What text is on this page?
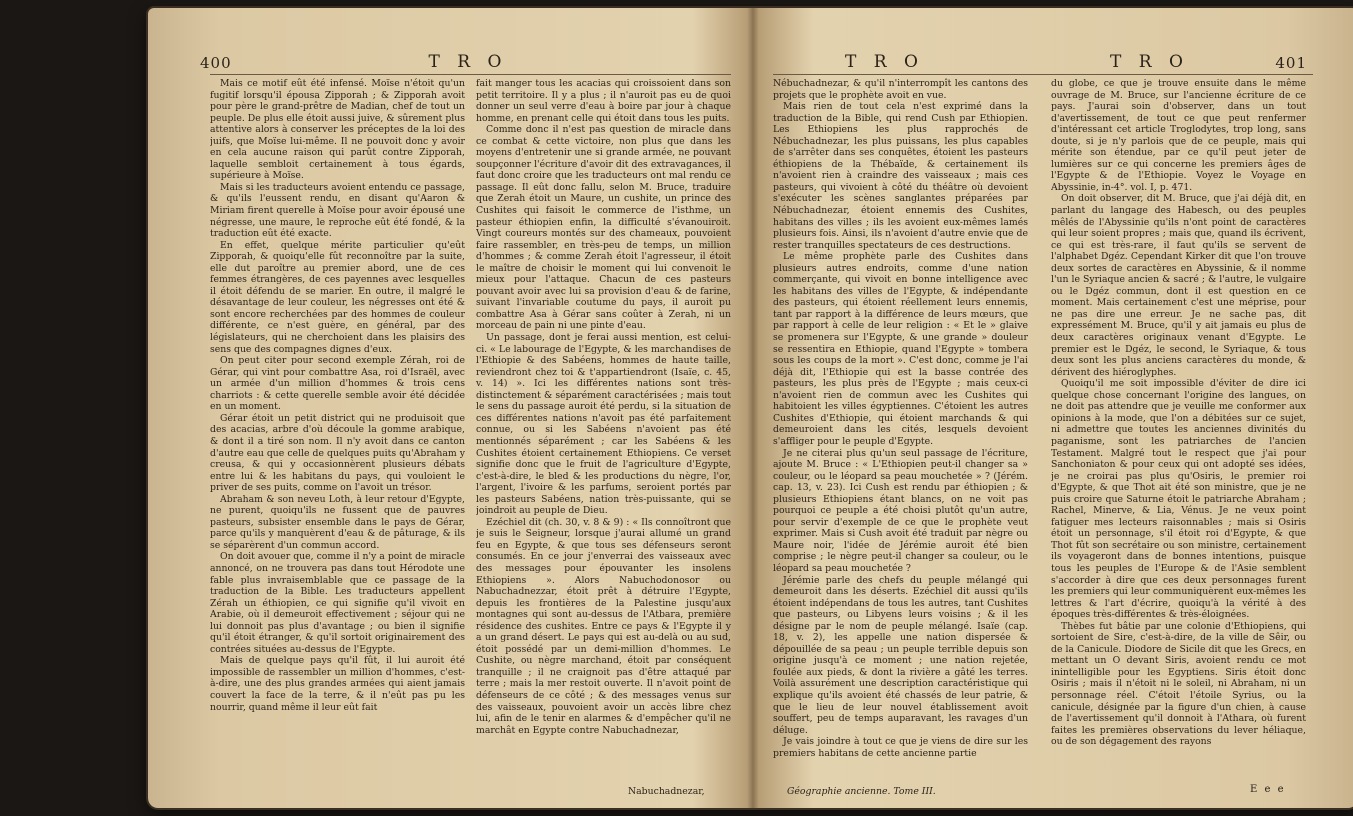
400	T R O

Mais ce motif eût été infensé. Moïse n'étoit qu'un fugitif lorsqu'il épousa Zipporah ; & Zipporah avoit pour père le grand-prêtre de Madian, chef de tout un peuple. De plus elle étoit aussi juive, & sûrement plus attentive alors à conserver les préceptes de la loi des juifs, que Moïse lui-même. Il ne pouvoit donc y avoir en cela aucune raison qui parût contre Zipporah, laquelle sembloit certainement à tous égards, supérieure à Moïse.

Mais si les traducteurs avoient entendu ce passage, & qu'ils l'eussent rendu, en disant qu'Aaron & Miriam firent querelle à Moïse pour avoir épousé une négresse, une maure, le reproche eût été fondé, & la traduction eût été exacte.

En effet, quelque mérite particulier qu'eût Zipporah, & quoiqu'elle fût reconnoître par la suite, elle dut paroître au premier abord, une de ces femmes étrangères, de ces payennes avec lesquelles il étoit défendu de se marier. En outre, il malgré le désavantage de leur couleur, les négresses ont été & sont encore recherchées par des hommes de couleur différente, ce n'est guère, en général, par des législateurs, qui ne cherchoient dans les plaisirs des sens que des compagnes dignes d'eux.

On peut citer pour second exemple Zérah, roi de Gérar, qui vint pour combattre Asa, roi d'Israël, avec un armée d'un million d'hommes & trois cens charriots : & cette querelle semble avoir été décidée en un moment.

Gérar étoit un petit district qui ne produisoit que des acacias, arbre d'où découle la gomme arabique, & dont il a tiré son nom. Il n'y avoit dans ce canton d'autre eau que celle de quelques puits qu'Abraham y creusa, & qui y occasionnèrent plusieurs débats entre lui & les habitans du pays, qui vouloient le priver de ses puits, comme on l'avoit un trésor.

Abraham & son neveu Loth, à leur retour d'Egypte, ne purent, quoiqu'ils ne fussent que de pauvres pasteurs, subsister ensemble dans le pays de Gérar, parce qu'ils y manquèrent d'eau & de pâturage, & ils se séparèrent d'un commun accord.

On doit avouer que, comme il n'y a point de miracle annoncé, on ne trouvera pas dans tout Hérodote une fable plus invraisemblable que ce passage de la traduction de la Bible. Les traducteurs appellent Zérah un éthiopien, ce qui signifie qu'il vivoit en Arabie, où il demeuroit effectivement ; séjour qui ne lui donnoit pas plus d'avantage ; ou bien il signifie qu'il étoit étranger, & qu'il sortoit originairement des contrées situées au-dessus de l'Egypte.

Mais de quelque pays qu'il fût, il lui auroit été impossible de rassembler un million d'hommes, c'est-à-dire, une des plus grandes armées qui aient jamais couvert la face de la terre, & il n'eût pas pu les nourrir, quand même il leur eût fait

fait manger tous les acacias qui croissoient dans son petit territoire. Il y a plus ; il n'auroit pas eu de quoi donner un seul verre d'eau à boire par jour à chaque homme, en prenant celle qui étoit dans tous les puits.

Comme donc il n'est pas question de miracle dans ce combat & cette victoire, non plus que dans les moyens d'entretenir une si grande armée, ne pouvant soupçonner l'écriture d'avoir dit des extravagances, il faut donc croire que les traducteurs ont mal rendu ce passage. Il eût donc fallu, selon M. Bruce, traduire que Zerah étoit un Maure, un cushite, un prince des Cushites qui faisoit le commerce de l'isthme, un pasteur éthiopien enfin, la difficulté s'évanouiroit. Vingt coureurs montés sur des chameaux, pouvoient faire rassembler, en très-peu de temps, un million d'hommes ; & comme Zerah étoit l'agresseur, il étoit le maître de choisir le moment qui lui convenoit le mieux pour l'attaque. Chacun de ces pasteurs pouvant avoir avec lui sa provision d'eau & de farine, suivant l'invariable coutume du pays, il auroit pu combattre Asa à Gérar sans coûter à Zerah, ni un morceau de pain ni une pinte d'eau.

Un passage, dont je ferai aussi mention, est celui-ci. « Le labourage de l'Egypte, & les marchandises de l'Ethiopie & des Sabéens, hommes de haute taille, reviendront chez toi & t'appartiendront (Isaïe, c. 45, v. 14) ». Ici les différentes nations sont très-distinctement & séparément caractérisées ; mais tout le sens du passage auroit été perdu, si la situation de ces différentes nations n'avoit pas été parfaitement connue, ou si les Sabéens n'avoient pas été mentionnés séparément ; car les Sabéens & les Cushites étoient certainement Ethiopiens. Ce verset signifie donc que le fruit de l'agriculture d'Egypte, c'est-à-dire, le bled & les productions du nègre, l'or, l'argent, l'ivoire & les parfums, seroient portés par les pasteurs Sabéens, nation très-puissante, qui se joindroit au peuple de Dieu.

Ezéchiel dit (ch. 30, v. 8 & 9) : « Ils connoîtront que je suis le Seigneur, lorsque j'aurai allumé un grand feu en Egypte, & que tous ses défenseurs seront consumés. En ce jour j'enverrai des vaisseaux avec des messages pour épouvanter les insolens Ethiopiens ». Alors Nabuchodonosor ou Nabuchadnezzar, étoit prêt à détruire l'Egypte, depuis les frontières de la Palestine jusqu'aux montagnes qui sont au-dessus de l'Atbara, première résidence des cushites. Entre ce pays & l'Egypte il y a un grand désert. Le pays qui est au-delà ou au sud, étoit possédé par un demi-million d'hommes. Le Cushite, ou nègre marchand, étoit par conséquent tranquille ; il ne craignoit pas d'être attaqué par terre ; mais la mer restoit ouverte. Il n'avoit point de défenseurs de ce côté ; & des messages venus sur des vaisseaux, pouvoient avoir un accès libre chez lui, afin de le tenir en alarmes & d'empêcher qu'il ne marchât en Egypte contre Nabuchadnezar,

Nabuchadnezar,
T R O	T R O	401

Nébuchadnezar, & qu'il n'interrompît les cantons des projets que le prophète avoit en vue.

Mais rien de tout cela n'est exprimé dans la traduction de la Bible, qui rend Cush par Ethiopien. Les Ethiopiens les plus rapprochés de Nébuchadnezar, les plus puissans, les plus capables de s'arrêter dans ses conquêtes, étoient les pasteurs éthiopiens de la Thébaïde, & certainement ils n'avoient rien à craindre des vaisseaux ; mais ces pasteurs, qui vivoient à côté du théâtre où devoient s'exécuter les scènes sanglantes préparées par Nébuchadnezar, étoient ennemis des Cushites, habitans des villes ; ils les avoient eux-mêmes lamés plusieurs fois. Ainsi, ils n'avoient d'autre envie que de rester tranquilles spectateurs de ces destructions.

Le même prophète parle des Cushites dans plusieurs autres endroits, comme d'une nation commerçante, qui vivoit en bonne intelligence avec les habitans des villes de l'Egypte, & indépendante des pasteurs, qui étoient réellement leurs ennemis, tant par rapport à la différence de leurs mœurs, que par rapport à celle de leur religion : « Et le » glaive se promenera sur l'Egypte, & une grande » douleur se ressentira en Ethiopie, quand l'Egypte » tombera sous les coups de la mort ». C'est donc, comme je l'ai déjà dit, l'Ethiopie qui est la basse contrée des pasteurs, les plus près de l'Egypte ; mais ceux-ci n'avoient rien de commun avec les Cushites qui habitoient les villes égyptiennes. C'étoient les autres Cushites d'Ethiopie, qui étoient marchands & qui demeuroient dans les cités, lesquels devoient s'affliger pour le peuple d'Egypte.

Je ne citerai plus qu'un seul passage de l'écriture, ajoute M. Bruce : « L'Ethiopien peut-il changer sa » couleur, ou le léopard sa peau mouchetée » ? (Jérém. cap. 13, v. 23). Ici Cush est rendu par éthiopien ; & plusieurs Ethiopiens étant blancs, on ne voit pas pourquoi ce peuple a été choisi plutôt qu'un autre, pour servir d'exemple de ce que le prophète veut exprimer. Mais si Cush avoit été traduit par nègre ou Maure noir, l'idée de Jérémie auroit été bien comprise ; le nègre peut-il changer sa couleur, ou le léopard sa peau mouchetée ?

Jérémie parle des chefs du peuple mélangé qui demeuroit dans les déserts. Ezéchiel dit aussi qu'ils étoient indépendans de tous les autres, tant Cushites que pasteurs, ou Libyens leurs voisins ; & il les désigne par le nom de peuple mélangé. Isaïe (cap. 18, v. 2), les appelle une nation dispersée & dépouillée de sa peau ; un peuple terrible depuis son origine jusqu'à ce moment ; une nation rejetée, foulée aux pieds, & dont la rivière a gâté les terres. Voilà assurément une description caractéristique qui explique qu'ils avoient été chassés de leur patrie, & que le lieu de leur nouvel établissement avoit souffert, peu de temps auparavant, les ravages d'un déluge.

Je vais joindre à tout ce que je viens de dire sur les premiers habitans de cette ancienne partie

du globe, ce que je trouve ensuite dans le même ouvrage de M. Bruce, sur l'ancienne écriture de ce pays. J'aurai soin d'observer, dans un tout d'avertissement, de tout ce que peut renfermer d'intéressant cet article Troglodytes, trop long, sans doute, si je n'y parlois que de ce peuple, mais qui mérite son étendue, par ce qu'il peut jeter de lumières sur ce qui concerne les premiers âges de l'Egypte & de l'Ethiopie. Voyez le Voyage en Abyssinie, in-4°. vol. I, p. 471.

On doit observer, dit M. Bruce, que j'ai déjà dit, en parlant du langage des Habesch, ou des peuples mêlés de l'Abyssinie qu'ils n'ont point de caractères qui leur soient propres ; mais que, quand ils écrivent, ce qui est très-rare, il faut qu'ils se servent de l'alphabet Dgéz. Cependant Kirker dit que l'on trouve deux sortes de caractères en Abyssinie, & il nomme l'un le Syriaque ancien & sacré ; & l'autre, le vulgaire ou le Dgéz commun, dont il est question en ce moment. Mais certainement c'est une méprise, pour ne pas dire une erreur. Je ne sache pas, dit expressément M. Bruce, qu'il y ait jamais eu plus de deux caractères originaux venant d'Egypte. Le premier est le Dgéz, le second, le Syriaque, & tous deux sont les plus anciens caractères du monde, & dérivent des hiéroglyphes.

Quoiqu'il me soit impossible d'éviter de dire ici quelque chose concernant l'origine des langues, on ne doit pas attendre que je veuille me conformer aux opinions à la mode, que l'on a débitées sur ce sujet, ni admettre que toutes les anciennes divinités du paganisme, sont les patriarches de l'ancien Testament. Malgré tout le respect que j'ai pour Sanchoniaton & pour ceux qui ont adopté ses idées, je ne croirai pas plus qu'Osiris, le premier roi d'Egypte, & que Thot ait été son ministre, que je ne puis croire que Saturne étoit le patriarche Abraham ; Rachel, Minerve, & Lia, Vénus. Je ne veux point fatiguer mes lecteurs raisonnables ; mais si Osiris étoit un personnage, s'il étoit roi d'Egypte, & que Thot fût son secrétaire ou son ministre, certainement ils voyageront dans de bonnes intentions, puisque tous les peuples de l'Europe & de l'Asie semblent s'accorder à dire que ces deux personnages furent les premiers qui leur communiquèrent eux-mêmes les lettres & l'art d'écrire, quoiqu'à la vérité à des époques très-différentes & très-éloignées.

Thèbes fut bâtie par une colonie d'Ethiopiens, qui sortoient de Sire, c'est-à-dire, de la ville de Sêir, ou de la Canicule. Diodore de Sicile dit que les Grecs, en mettant un O devant Siris, avoient rendu ce mot inintelligible pour les Egyptiens. Siris étoit donc Osiris ; mais il n'étoit ni le soleil, ni Abraham, ni un personnage réel. C'étoit l'étoile Syrius, ou la canicule, désignée par la figure d'un chien, à cause de l'avertissement qu'il donnoit à l'Athara, où furent faites les premières observations du lever héliaque, ou de son dégagement des rayons

Géographie ancienne. Tome III.	E e e
